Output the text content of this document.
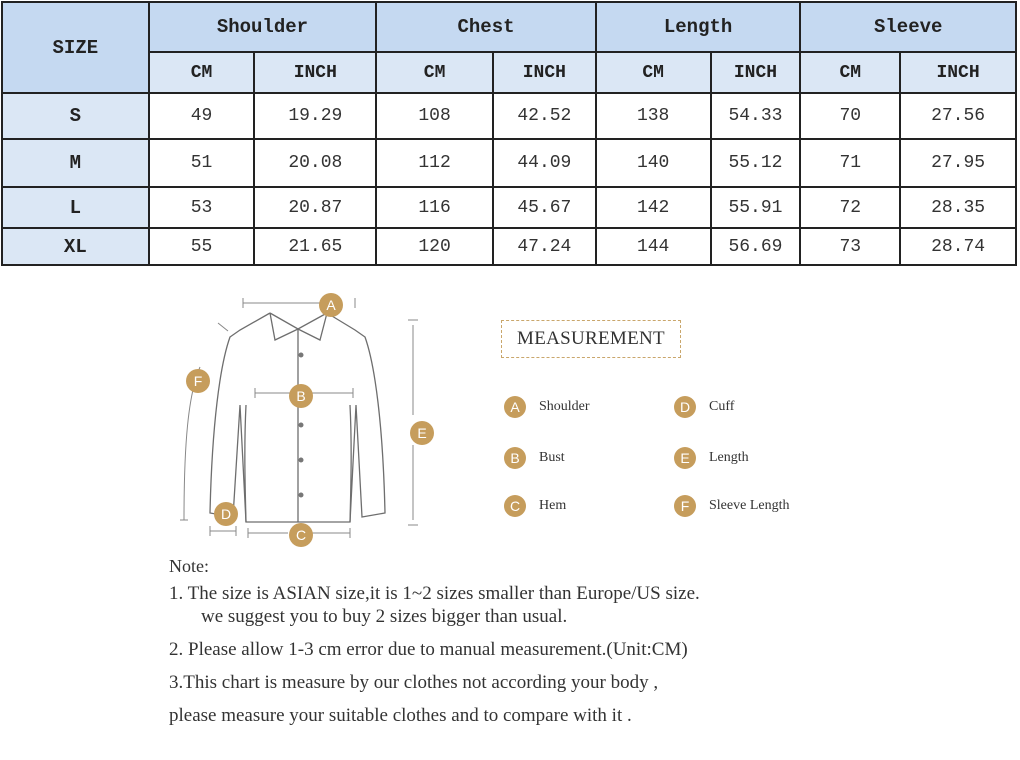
SIZE	Shoulder		Chest		Length		Sleeve	
	CM	INCH	CM	INCH	CM	INCH	CM	INCH
S	49	19.29	108	42.52	138	54.33	70	27.56
M	51	20.08	112	44.09	140	55.12	71	27.95
L	53	20.87	116	45.67	142	55.91	72	28.35
XL	55	21.65	120	47.24	144	56.69	73	28.74
A
B
C
D
E
F
MEASUREMENT
A	Shoulder
B	Bust
C	Hem
D	Cuff
E	Length
F	Sleeve Length
Note:
1. The size is ASIAN size,it is 1~2 sizes smaller than Europe/US size.
we suggest you to buy 2 sizes bigger than usual.
2. Please allow 1-3 cm error due to manual measurement.(Unit:CM)
3.This chart is measure by our clothes not according your body ,
please measure your suitable clothes and to compare with it .
